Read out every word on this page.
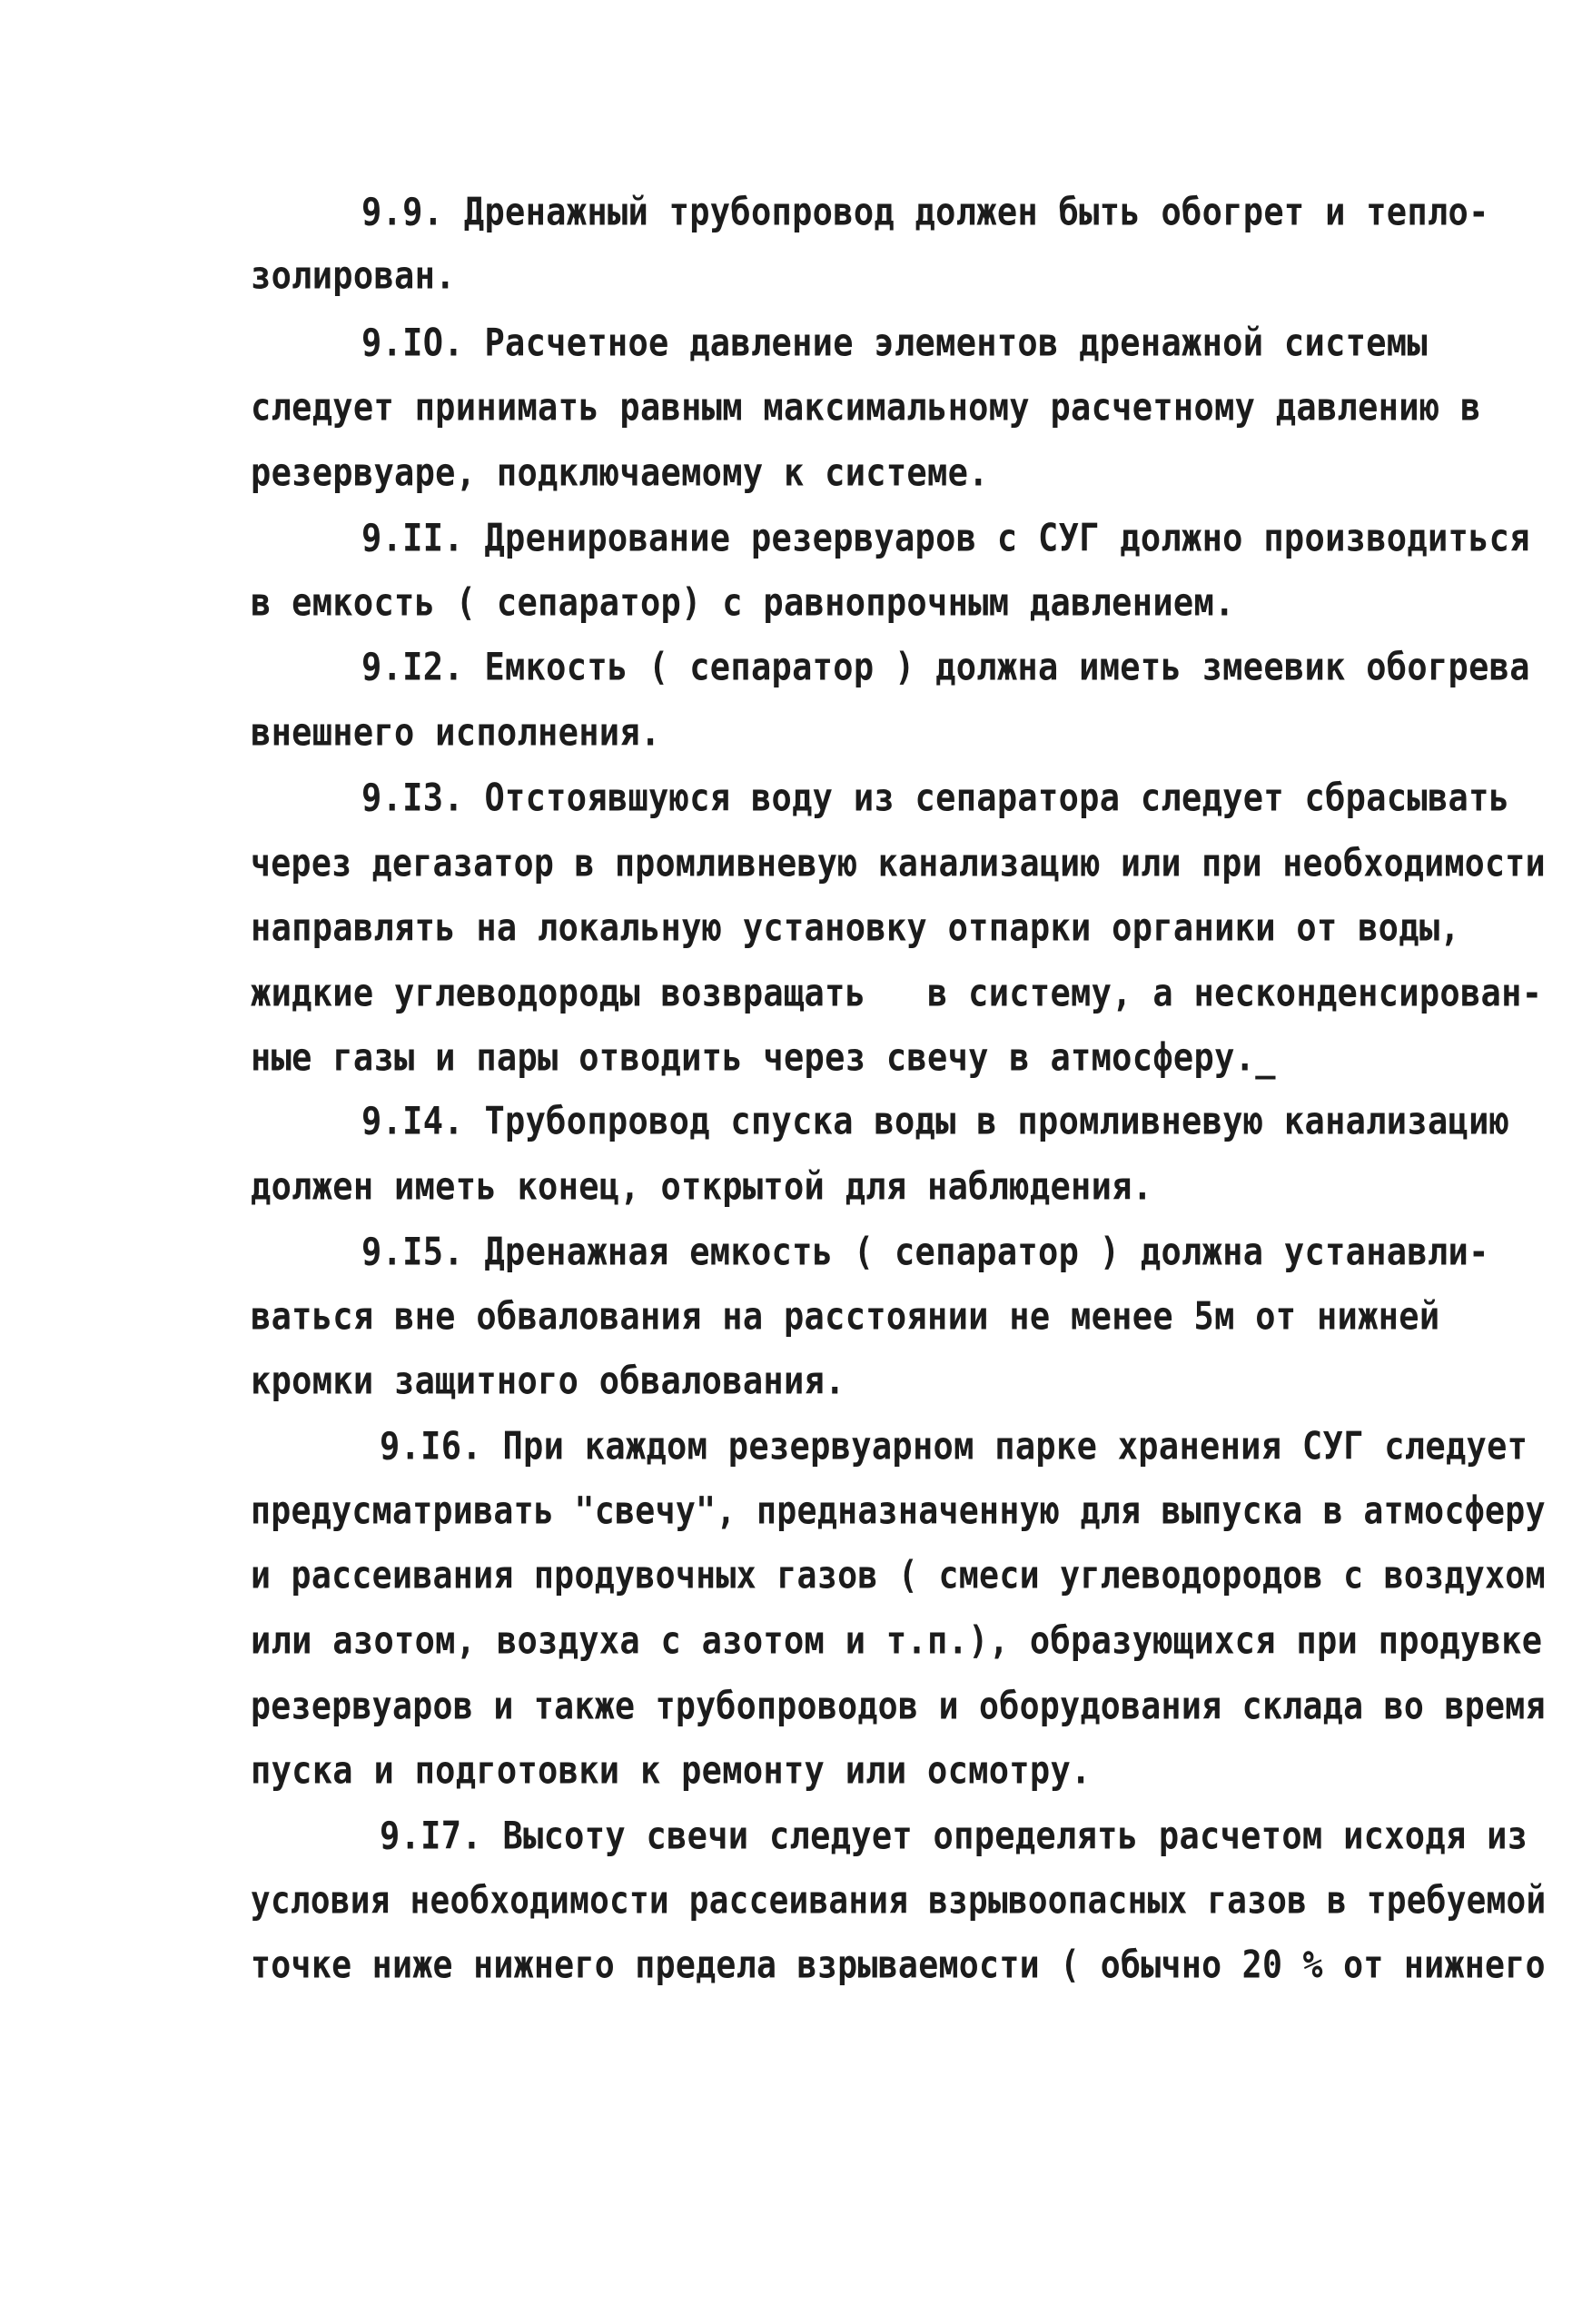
9.9. Дренажный трубопровод должен быть обогрет и тепло-
золирован.
9.IO. Расчетное давление элементов дренажной системы
следует принимать равным максимальному расчетному давлению в
резервуаре, подключаемому к системе.
9.II. Дренирование резервуаров с СУГ должно производиться
в емкость ( сепаратор) с равнопрочным давлением.
9.I2. Емкость ( сепаратор ) должна иметь змеевик обогрева
внешнего исполнения.
9.I3. Отстоявшуюся воду из сепаратора следует сбрасывать
через дегазатор в промливневую канализацию или при необходимости
направлять на локальную установку отпарки органики от воды,
жидкие углеводороды возвращать   в систему, а несконденсирован-
ные газы и пары отводить через свечу в атмосферу._
9.I4. Трубопровод спуска воды в промливневую канализацию
должен иметь конец, открытой для наблюдения.
9.I5. Дренажная емкость ( сепаратор ) должна устанавли-
ваться вне обвалования на расстоянии не менее 5м от нижней
кромки защитного обвалования.
9.I6. При каждом резервуарном парке хранения СУГ следует
предусматривать "свечу", предназначенную для выпуска в атмосферу
и рассеивания продувочных газов ( смеси углеводородов с воздухом
или азотом, воздуха с азотом и т.п.), образующихся при продувке
резервуаров и также трубопроводов и оборудования склада во время
пуска и подготовки к ремонту или осмотру.
9.I7. Высоту свечи следует определять расчетом исходя из
условия необходимости рассеивания взрывоопасных газов в требуемой
точке ниже нижнего предела взрываемости ( обычно 20 % от нижнего
